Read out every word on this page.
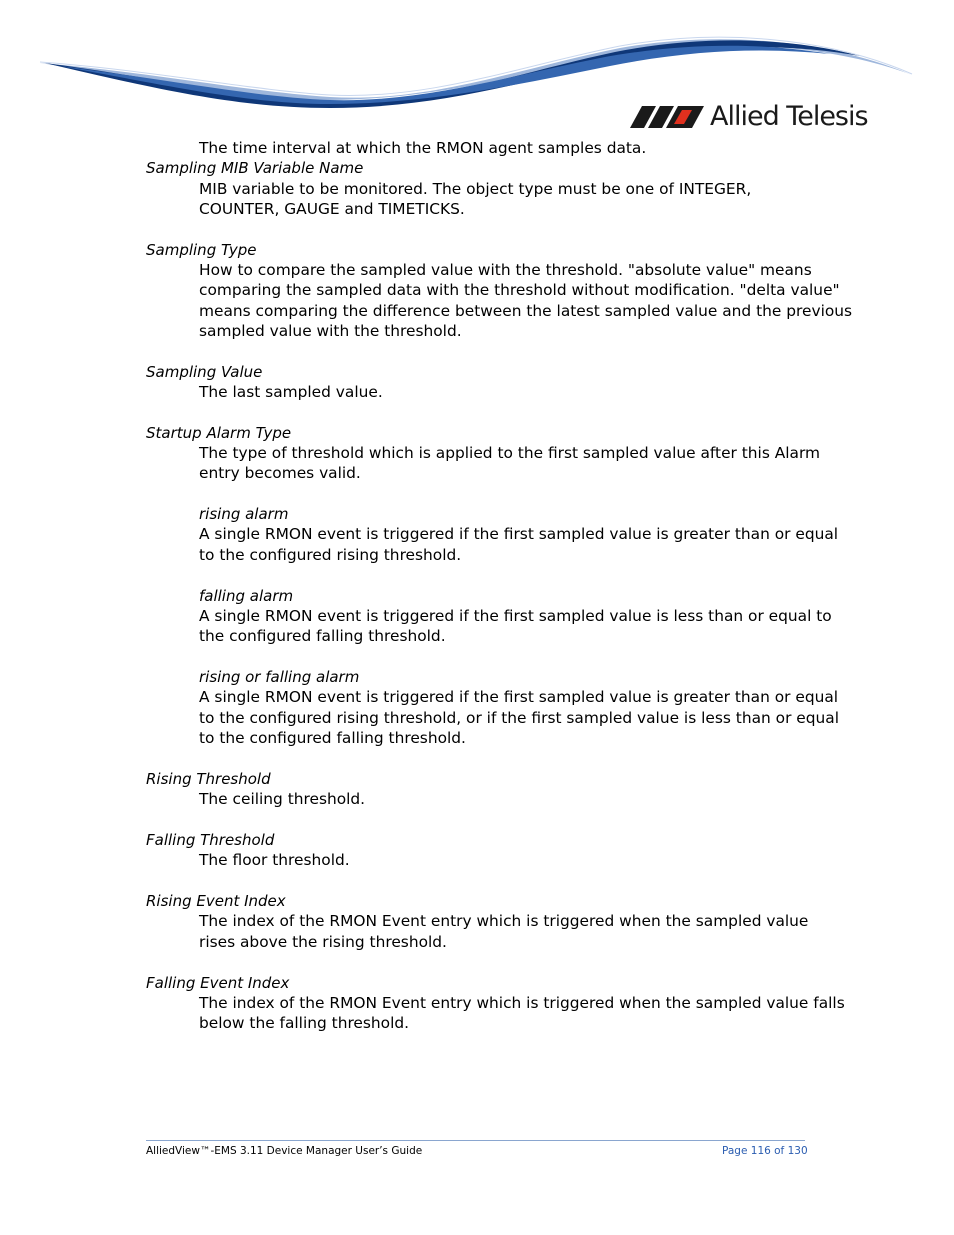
Allied Telesis
The time interval at which the RMON agent samples data.
Sampling MIB Variable Name
MIB variable to be monitored. The object type must be one of INTEGER,
COUNTER, GAUGE and TIMETICKS.
Sampling Type
How to compare the sampled value with the threshold. "absolute value" means
comparing the sampled data with the threshold without modification. "delta value"
means comparing the difference between the latest sampled value and the previous
sampled value with the threshold.
Sampling Value
The last sampled value.
Startup Alarm Type
The type of threshold which is applied to the first sampled value after this Alarm
entry becomes valid.
rising alarm
A single RMON event is triggered if the first sampled value is greater than or equal
to the configured rising threshold.
falling alarm
A single RMON event is triggered if the first sampled value is less than or equal to
the configured falling threshold.
rising or falling alarm
A single RMON event is triggered if the first sampled value is greater than or equal
to the configured rising threshold, or if the first sampled value is less than or equal
to the configured falling threshold.
Rising Threshold
The ceiling threshold.
Falling Threshold
The floor threshold.
Rising Event Index
The index of the RMON Event entry which is triggered when the sampled value
rises above the rising threshold.
Falling Event Index
The index of the RMON Event entry which is triggered when the sampled value falls
below the falling threshold.
AlliedView™-EMS 3.11 Device Manager User’s Guide	Page 116 of 130
